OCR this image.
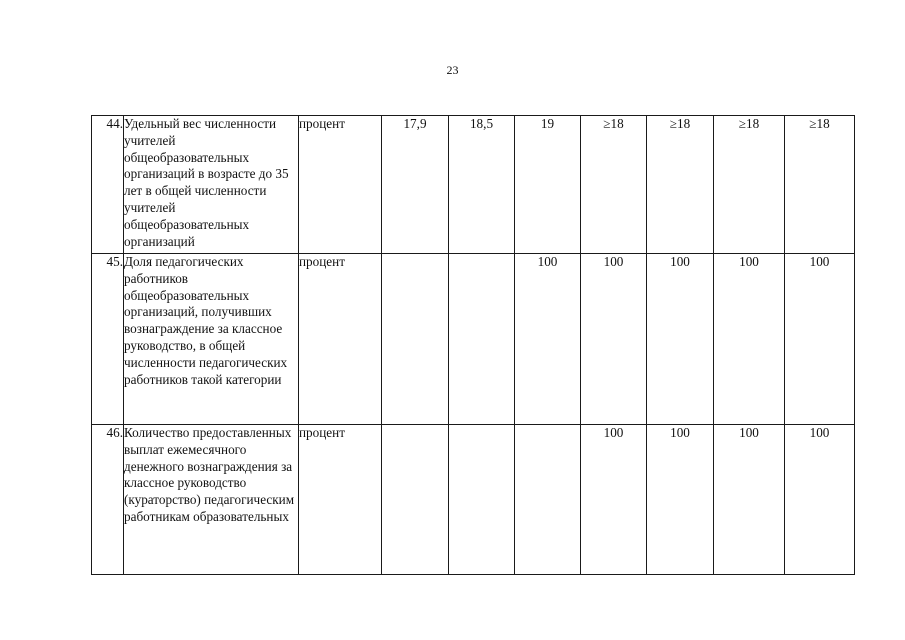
23
44.	Удельный вес численности учителей общеобразовательных организаций в возрасте до 35 лет в общей численности учителей общеобразовательных организаций	процент	17,9	18,5	19	≥18	≥18	≥18	≥18
45.	Доля педагогических работников общеобразовательных организаций, получивших вознаграждение за классное руководство, в общей численности педагогических работников такой категории	процент			100	100	100	100	100
46.	Количество предоставленных выплат ежемесячного денежного вознаграждения за классное руководство (кураторство) педагогическим работникам образовательных	процент				100	100	100	100
